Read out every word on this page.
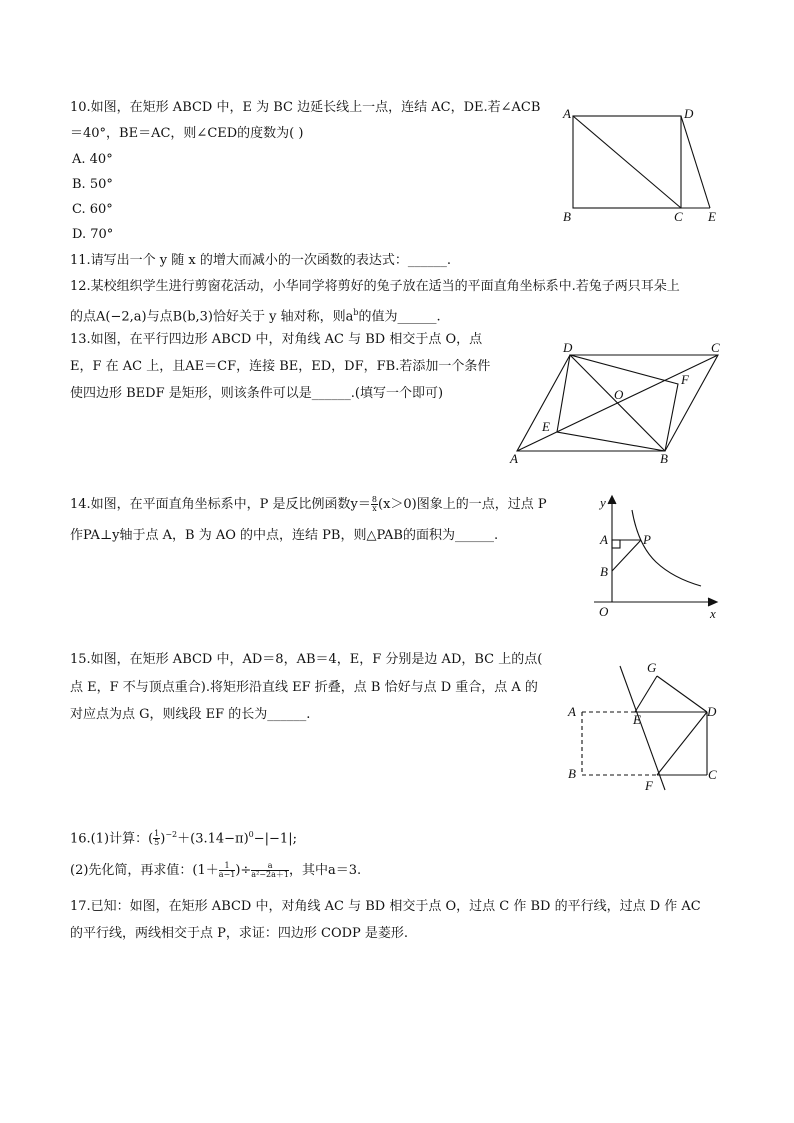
10.如图，在矩形 ABCD 中，E 为 BC 边延长线上一点，连结 AC，DE.若∠ACB
＝40°，BE＝AC，则∠CED的度数为( )
A. 40°
B. 50°
C. 60°
D. 70°
A	D
B	C E
11.请写出一个 y 随 x 的增大而减小的一次函数的表达式：______.
12.某校组织学生进行剪窗花活动，小华同学将剪好的兔子放在适当的平面直角坐标系中.若兔子两只耳朵上
的点A(−2,a)与点B(b,3)恰好关于 y 轴对称，则$a^b$的值为______.
13.如图，在平行四边形 ABCD 中，对角线 AC 与 BD 相交于点 O，点
E，F 在 AC 上，且AE＝CF，连接 BE，ED，DF，FB.若添加一个条件
使四边形 BEDF 是矩形，则该条件可以是______.(填写一个即可)
D	C
F
O
E
A	B
14.如图，在平面直角坐标系中，P 是反比例函数$y= \frac{8}{x} (x>0)$图象上的一点，过点 P
作PA⊥y轴于点 A，B 为 AO 的中点，连结 PB，则△PAB的面积为______.
y
A	P
B
O	x
15.如图，在矩形 ABCD 中，AD＝8，AB＝4，E，F 分别是边 AD，BC 上的点(
点 E，F 不与顶点重合).将矩形沿直线 EF 折叠，点 B 恰好与点 D 重合，点 A 的
对应点为点 G，则线段 EF 的长为______.
G
A
E
D
B	C
F
16.(1)计算：( $\frac{1}{5} )^{-2}+(3.14-\pi)^0-|-1|$;
(2)先化简，再求值：($1+ \frac{1}{a-1}$ )÷ $\frac{a}{\text{a²−2a＋1}}$ ，其中a＝3.
17.已知：如图，在矩形 ABCD 中，对角线 AC 与 BD 相交于点 O，过点 C 作 BD 的平行线，过点 D 作 AC
的平行线，两线相交于点 P，求证：四边形 CODP 是菱形.
